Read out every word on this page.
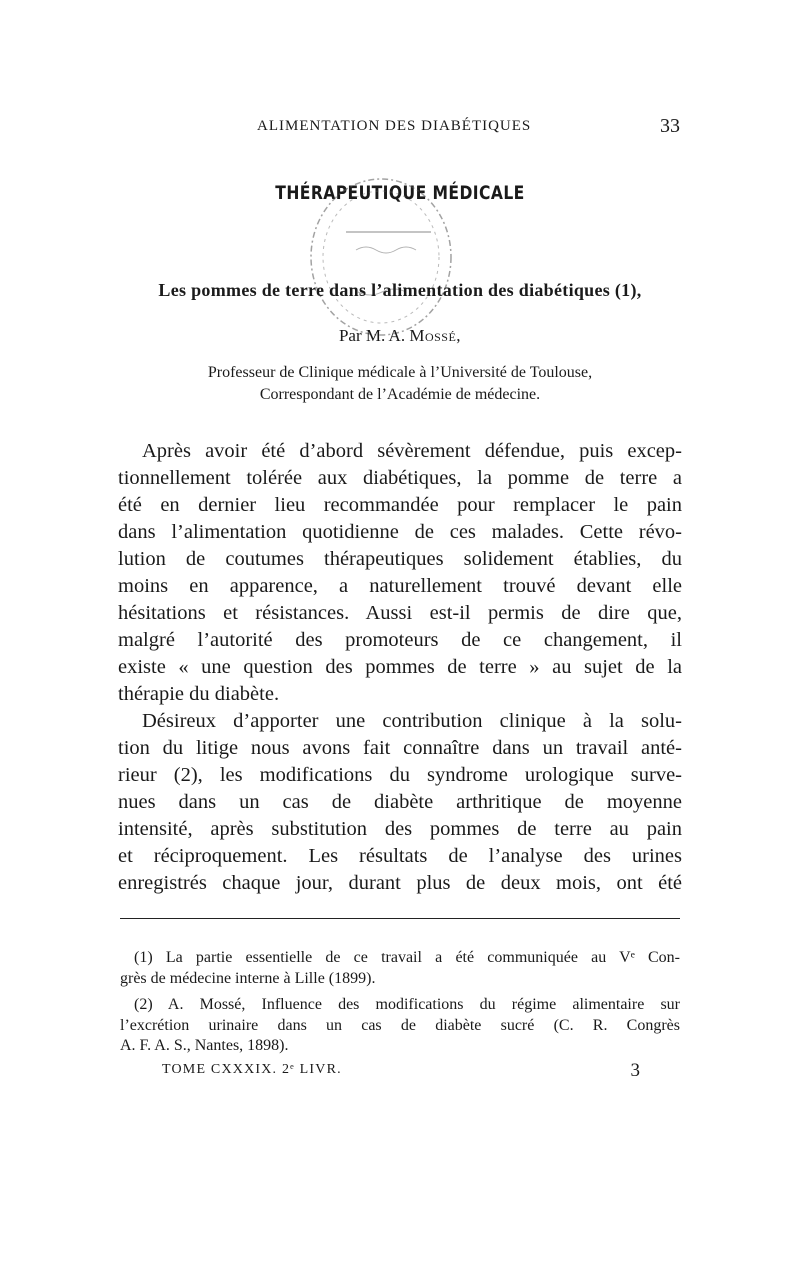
ALIMENTATION DES DIABÉTIQUES	33
THÉRAPEUTIQUE MÉDICALE
Les pommes de terre dans l’alimentation des diabétiques (1),
Par M. A. Mossé,
Professeur de Clinique médicale à l’Université de Toulouse,
Correspondant de l’Académie de médecine.
Après avoir été d’abord sévèrement défendue, puis excep-
tionnellement tolérée aux diabétiques, la pomme de terre a
été en dernier lieu recommandée pour remplacer le pain
dans l’alimentation quotidienne de ces malades. Cette révo-
lution de coutumes thérapeutiques solidement établies, du
moins en apparence, a naturellement trouvé devant elle
hésitations et résistances. Aussi est-il permis de dire que,
malgré l’autorité des promoteurs de ce changement, il
existe « une question des pommes de terre » au sujet de la
thérapie du diabète.
Désireux d’apporter une contribution clinique à la solu-
tion du litige nous avons fait connaître dans un travail anté-
rieur (2), les modifications du syndrome urologique surve-
nues dans un cas de diabète arthritique de moyenne
intensité, après substitution des pommes de terre au pain
et réciproquement. Les résultats de l’analyse des urines
enregistrés chaque jour, durant plus de deux mois, ont été
(1) La partie essentielle de ce travail a été communiquée au Vᵉ Con-
grès de médecine interne à Lille (1899).
(2) A. Mossé, Influence des modifications du régime alimentaire sur
l’excrétion urinaire dans un cas de diabète sucré (C. R. Congrès
A. F. A. S., Nantes, 1898).
TOME CXXXIX. 2ᵉ LIVR.	3
